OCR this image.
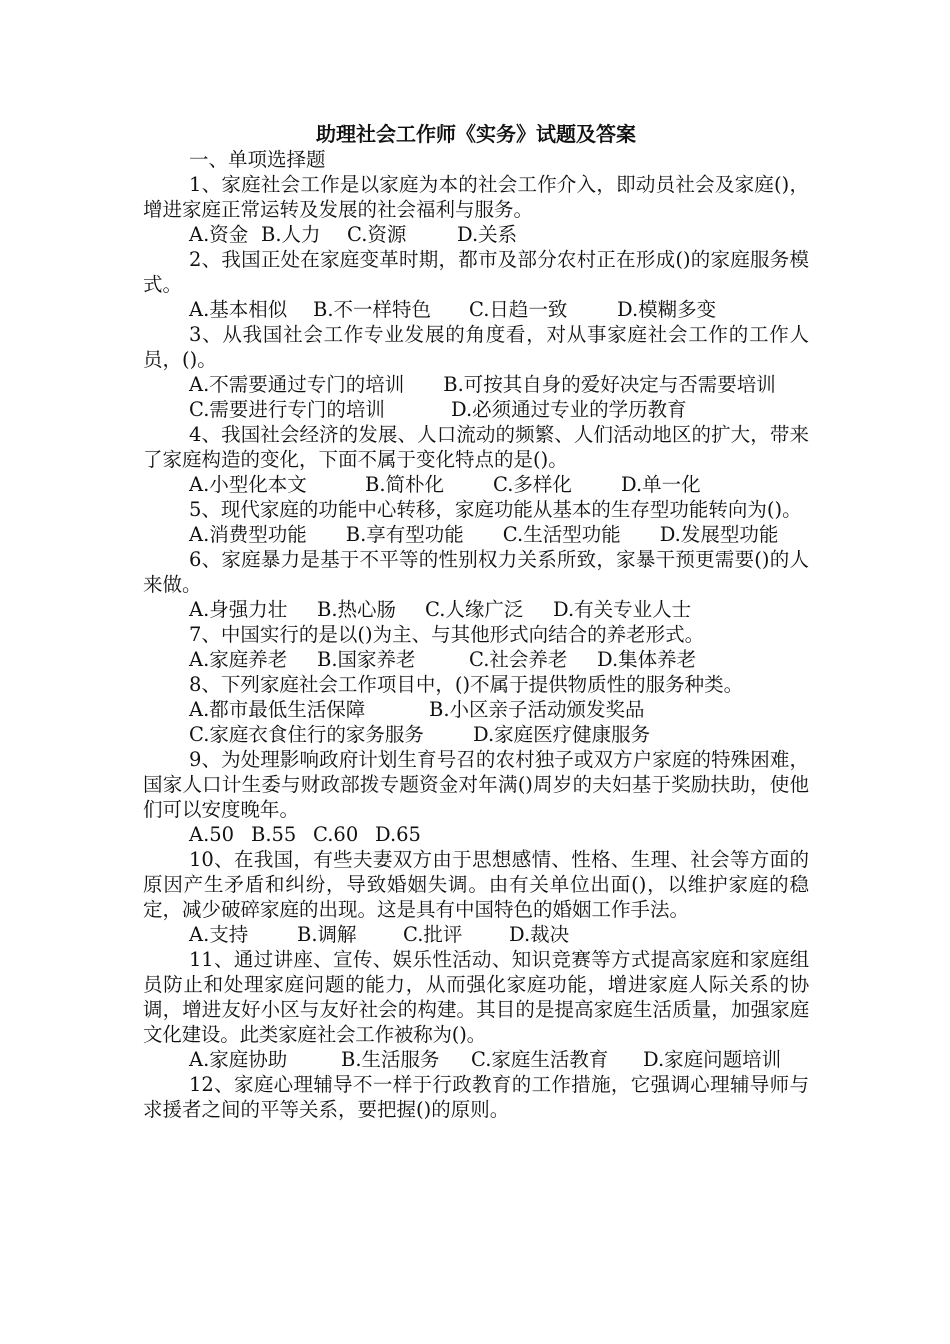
助理社会工作师《实务》试题及答案
一、单项选择题
1、家庭社会工作是以家庭为本的社会工作介入，即动员社会及家庭()，增进家庭正常运转及发展的社会福利与服务。
A.资金 B.人力 C.资源	D.关系
2、我国正处在家庭变革时期，都市及部分农村正在形成()的家庭服务模式。
A.基本相似 B.不一样特色 C.日趋一致	D.模糊多变
3、从我国社会工作专业发展的角度看，对从事家庭社会工作的工作人员，()。
A.不需要通过专门的培训　　B.可按其自身的爱好决定与否需要培训
C.需要进行专门的培训	D.必须通过专业的学历教育
4、我国社会经济的发展、人口流动的频繁、人们活动地区的扩大，带来了家庭构造的变化，下面不属于变化特点的是()。
A.小型化本文	B.简朴化	C.多样化	D.单一化
5、现代家庭的功能中心转移，家庭功能从基本的生存型功能转向为()。
A.消费型功能　　B.享有型功能　　C.生活型功能　　D.发展型功能
6、家庭暴力是基于不平等的性别权力关系所致，家暴干预更需要()的人来做。
A.身强力壮 B.热心肠 C.人缘广泛 D.有关专业人士
7、中国实行的是以()为主、与其他形式向结合的养老形式。
A.家庭养老 B.国家养老	C.社会养老 D.集体养老
8、下列家庭社会工作项目中，()不属于提供物质性的服务种类。
A.都市最低生活保障	B.小区亲子活动颁发奖品
C.家庭衣食住行的家务服务	D.家庭医疗健康服务
9、为处理影响政府计划生育号召的农村独子或双方户家庭的特殊困难，国家人口计生委与财政部拨专题资金对年满()周岁的夫妇基于奖励扶助，使他们可以安度晚年。
A.50 B.55 C.60 D.65
10、在我国，有些夫妻双方由于思想感情、性格、生理、社会等方面的原因产生矛盾和纠纷，导致婚姻失调。由有关单位出面()，以维护家庭的稳定，减少破碎家庭的出现。这是具有中国特色的婚姻工作手法。
A.支持 B.调解 C.批评 D.裁决
11、通过讲座、宣传、娱乐性活动、知识竞赛等方式提高家庭和家庭组员防止和处理家庭问题的能力，从而强化家庭功能，增进家庭人际关系的协调，增进友好小区与友好社会的构建。其目的是提高家庭生活质量，加强家庭文化建设。此类家庭社会工作被称为()。
A.家庭协助	B.生活服务 C.家庭生活教育 D.家庭问题培训
12、家庭心理辅导不一样于行政教育的工作措施，它强调心理辅导师与求援者之间的平等关系，要把握()的原则。
